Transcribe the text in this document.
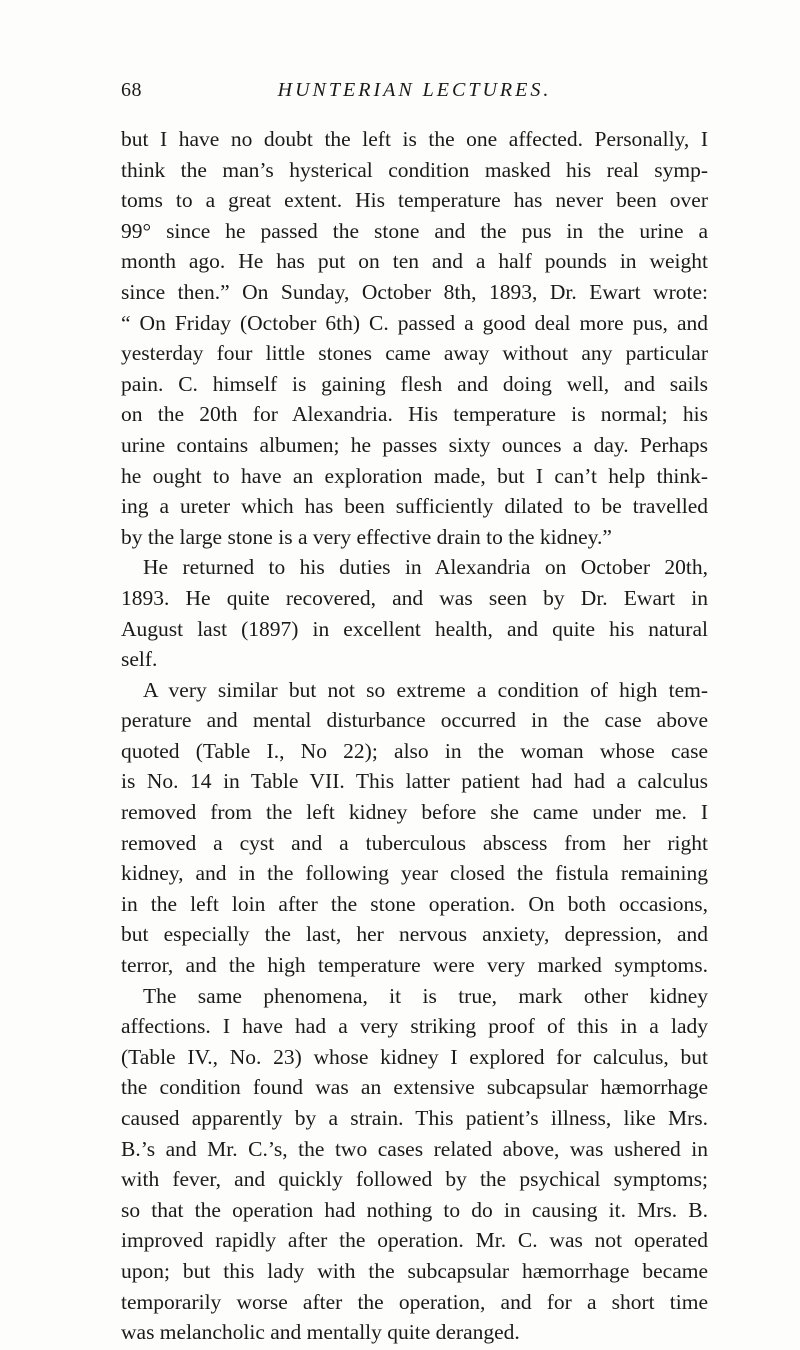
68	HUNTERIAN LECTURES.

but I have no doubt the left is the one affected. Personally, I

think the man’s hysterical condition masked his real symp-

toms to a great extent. His temperature has never been over

99° since he passed the stone and the pus in the urine a

month ago. He has put on ten and a half pounds in weight

since then.” On Sunday, October 8th, 1893, Dr. Ewart wrote:

“ On Friday (October 6th) C. passed a good deal more pus, and

yesterday four little stones came away without any particular

pain. C. himself is gaining flesh and doing well, and sails

on the 20th for Alexandria. His temperature is normal; his

urine contains albumen; he passes sixty ounces a day. Perhaps

he ought to have an exploration made, but I can’t help think-

ing a ureter which has been sufficiently dilated to be travelled

by the large stone is a very effective drain to the kidney.”

He returned to his duties in Alexandria on October 20th,

1893. He quite recovered, and was seen by Dr. Ewart in

August last (1897) in excellent health, and quite his natural

self.

A very similar but not so extreme a condition of high tem-

perature and mental disturbance occurred in the case above

quoted (Table I., No 22); also in the woman whose case

is No. 14 in Table VII. This latter patient had had a calculus

removed from the left kidney before she came under me. I

removed a cyst and a tuberculous abscess from her right

kidney, and in the following year closed the fistula remaining

in the left loin after the stone operation. On both occasions,

but especially the last, her nervous anxiety, depression, and

terror, and the high temperature were very marked symptoms.

The same phenomena, it is true, mark other kidney

affections. I have had a very striking proof of this in a lady

(Table IV., No. 23) whose kidney I explored for calculus, but

the condition found was an extensive subcapsular hæmorrhage

caused apparently by a strain. This patient’s illness, like Mrs.

B.’s and Mr. C.’s, the two cases related above, was ushered in

with fever, and quickly followed by the psychical symptoms;

so that the operation had nothing to do in causing it. Mrs. B.

improved rapidly after the operation. Mr. C. was not operated

upon; but this lady with the subcapsular hæmorrhage became

temporarily worse after the operation, and for a short time

was melancholic and mentally quite deranged.
